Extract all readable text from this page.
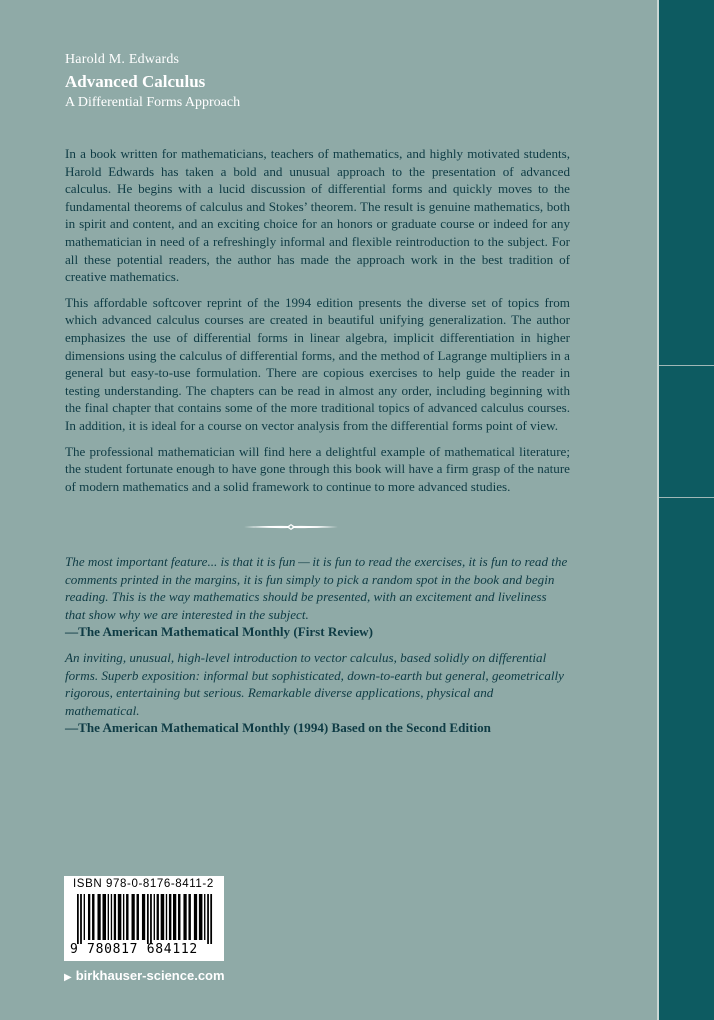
Harold M. Edwards
Advanced Calculus
A Differential Forms Approach

In a book written for mathematicians, teachers of mathematics, and highly motivated students, Harold Edwards has taken a bold and unusual approach to the presentation of advanced calculus. He begins with a lucid discussion of differential forms and quickly moves to the fundamental theorems of calculus and Stokes’ theorem. The result is genuine mathematics, both in spirit and content, and an exciting choice for an honors or graduate course or indeed for any mathematician in need of a refreshingly informal and flexible reintroduction to the subject. For all these potential readers, the author has made the approach work in the best tradition of creative mathematics.

This affordable softcover reprint of the 1994 edition presents the diverse set of topics from which advanced calculus courses are created in beautiful unifying generalization. The author emphasizes the use of differential forms in linear algebra, implicit differentiation in higher dimensions using the calculus of differential forms, and the method of Lagrange multipliers in a general but easy-to-use formulation. There are copious exercises to help guide the reader in testing understanding. The chapters can be read in almost any order, including beginning with the final chapter that contains some of the more traditional topics of advanced calculus courses. In addition, it is ideal for a course on vector analysis from the differential forms point of view.

The professional mathematician will find here a delightful example of mathematical literature; the student fortunate enough to have gone through this book will have a firm grasp of the nature of modern mathematics and a solid framework to continue to more advanced studies.

The most important feature... is that it is fun — it is fun to read the exercises, it is fun to read the comments printed in the margins, it is fun simply to pick a random spot in the book and begin reading. This is the way mathematics should be presented, with an excitement and liveliness that show why we are interested in the subject.
—The American Mathematical Monthly (First Review)
An inviting, unusual, high-level introduction to vector calculus, based solidly on differential forms. Superb exposition: informal but sophisticated, down-to-earth but general, geometrically rigorous, entertaining but serious. Remarkable diverse applications, physical and mathematical.
—The American Mathematical Monthly (1994) Based on the Second Edition
ISBN 978-0-8176-8411-2
9 780817 684112
▶ birkhauser-science.com
